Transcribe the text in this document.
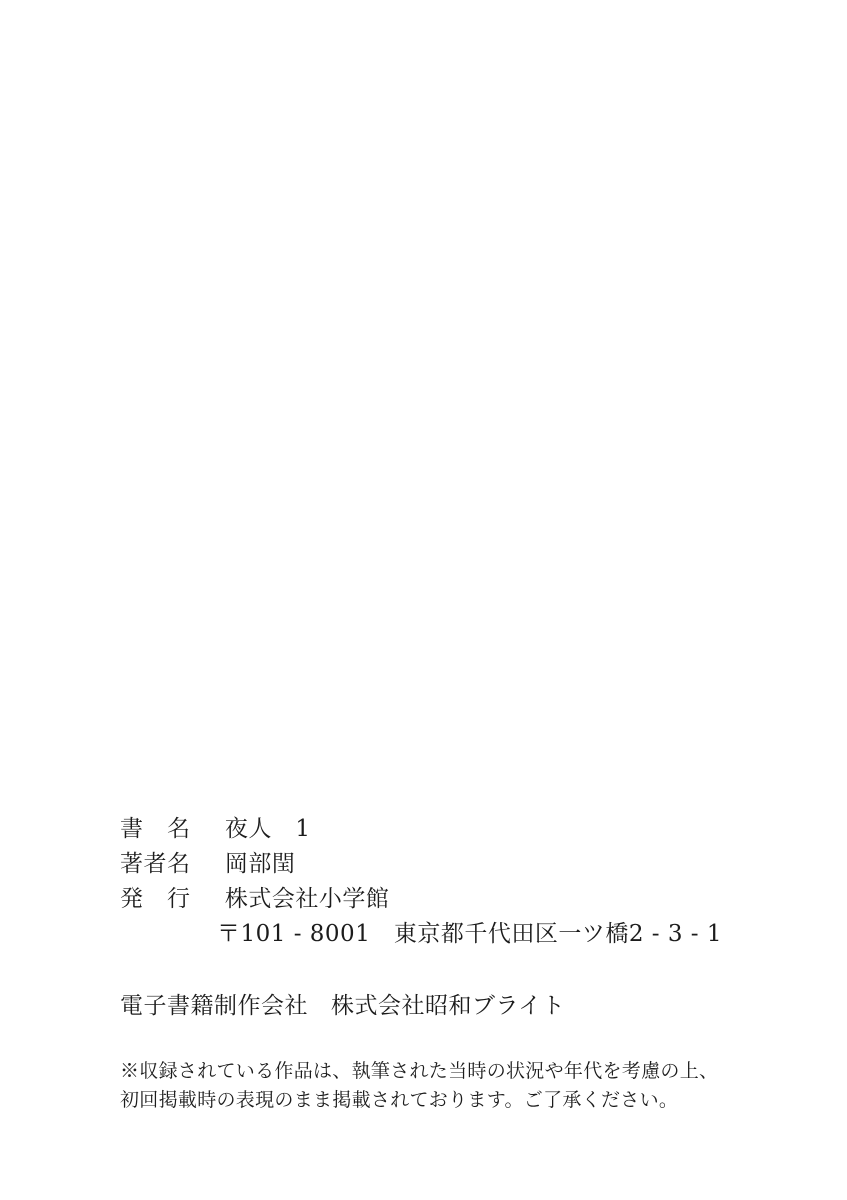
書　名 夜人　1
著者名 岡部閏
発　行 株式会社小学館
〒101 - 8001　東京都千代田区一ツ橋2 - 3 - 1
電子書籍制作会社 株式会社昭和ブライト
※収録されている作品は、執筆された当時の状況や年代を考慮の上、
初回掲載時の表現のまま掲載されております。ご了承ください。
